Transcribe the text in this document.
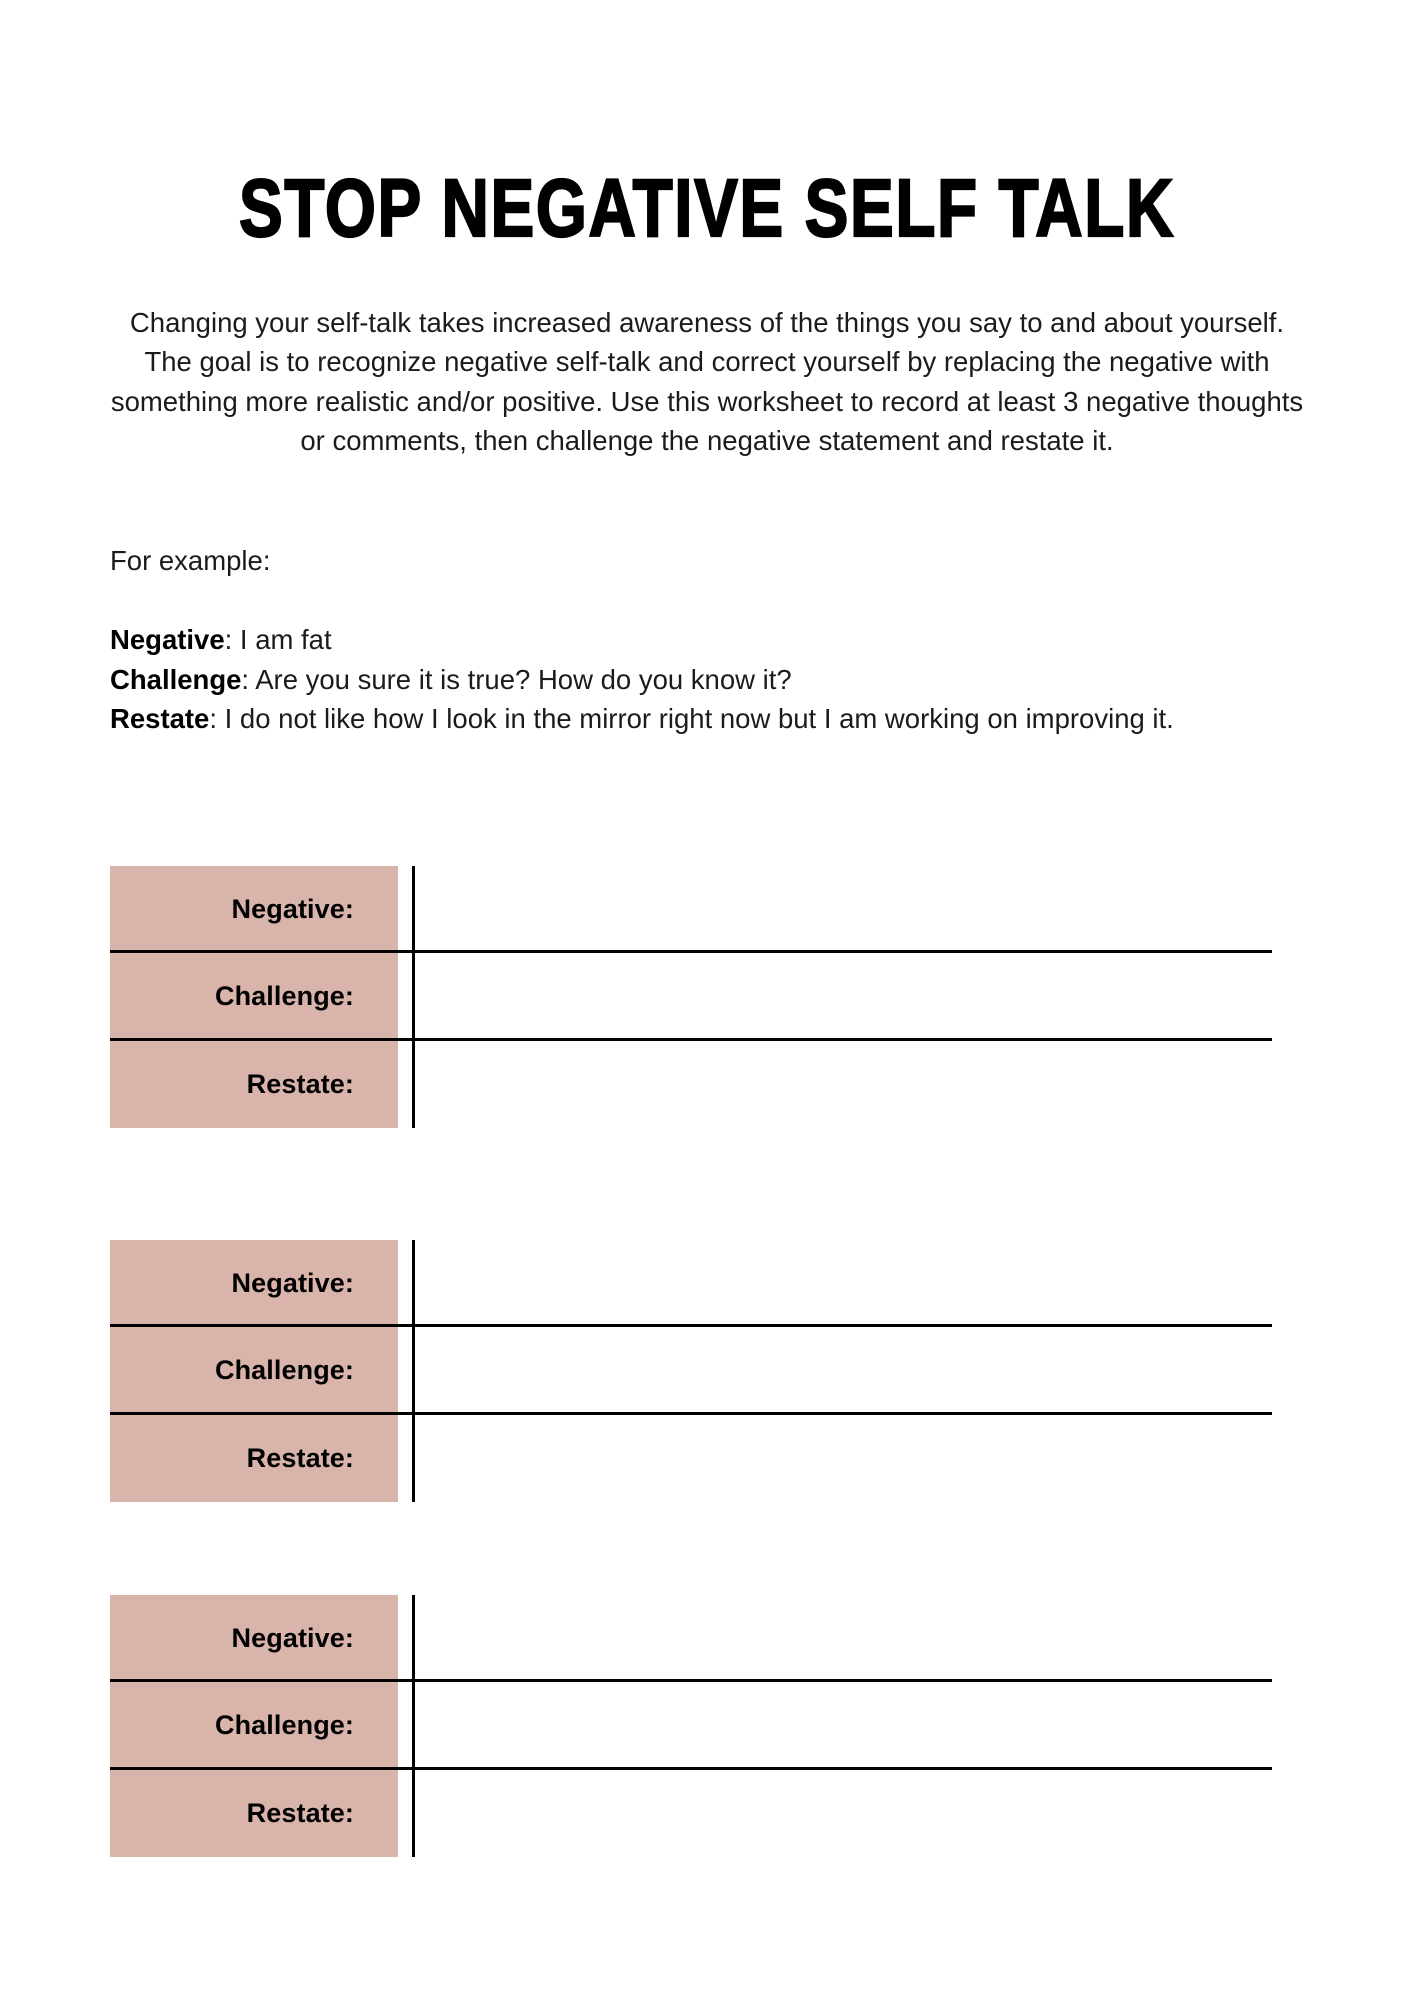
STOP NEGATIVE SELF TALK

Changing your self-talk takes increased awareness of the things you say to and about yourself. The goal is to recognize negative self-talk and correct yourself by replacing the negative with something more realistic and/or positive. Use this worksheet to record at least 3 negative thoughts or comments, then challenge the negative statement and restate it.

For example:
Negative: I am fat
Challenge: Are you sure it is true? How do you know it?
Restate: I do not like how I look in the mirror right now but I am working on improving it.
Negative:
Challenge:
Restate:
Negative:
Challenge:
Restate:
Negative:
Challenge:
Restate:
